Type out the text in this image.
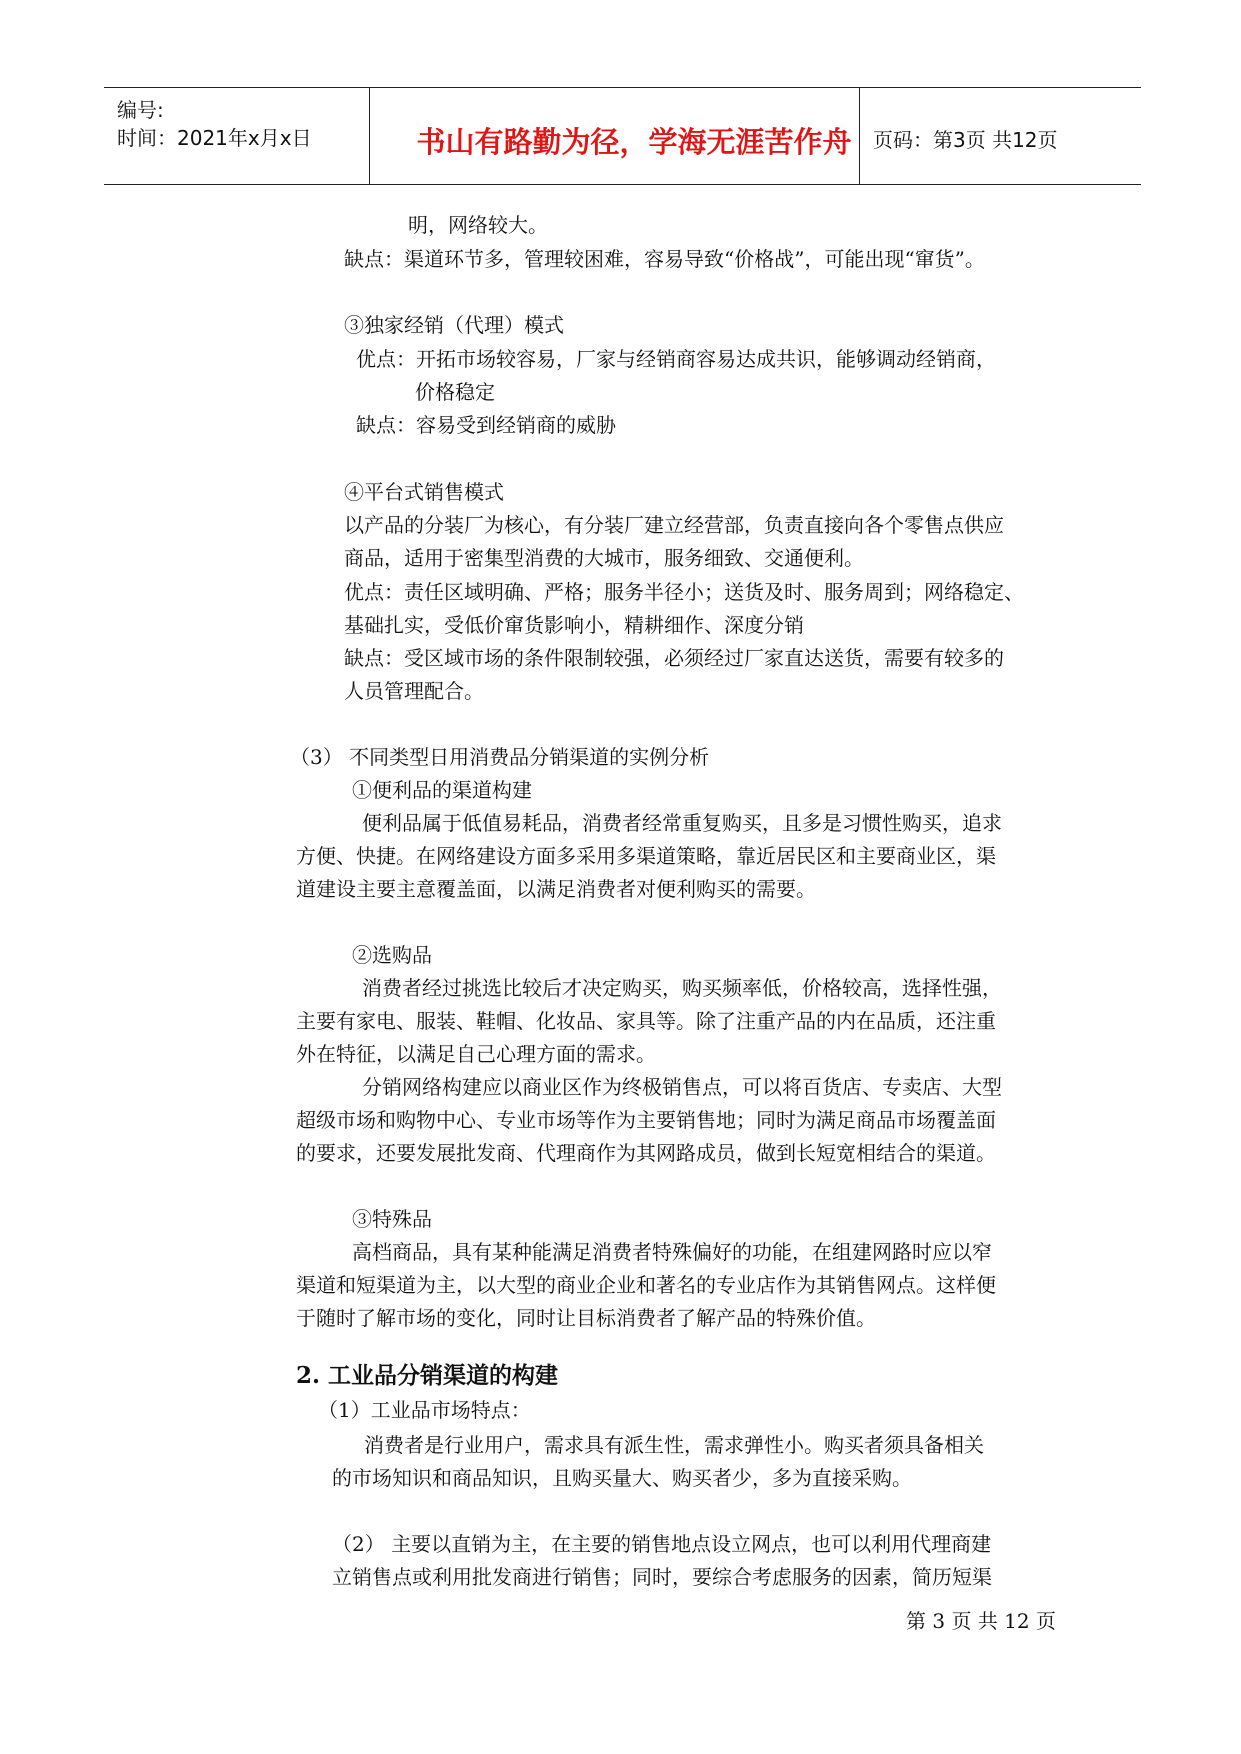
编号:
时间：2021年x月x日	书山有路勤为径，学海无涯苦作舟	页码：第3页 共12页
明，网络较大。
缺点：渠道环节多，管理较困难，容易导致“价格战”，可能出现“窜货”。
③独家经销（代理）模式
优点：开拓市场较容易，厂家与经销商容易达成共识，能够调动经销商，
价格稳定
缺点：容易受到经销商的威胁
④平台式销售模式
以产品的分装厂为核心，有分装厂建立经营部，负责直接向各个零售点供应
商品，适用于密集型消费的大城市，服务细致、交通便利。
优点：责任区域明确、严格；服务半径小；送货及时、服务周到；网络稳定、
基础扎实，受低价窜货影响小，精耕细作、深度分销
缺点：受区域市场的条件限制较强，必须经过厂家直达送货，需要有较多的
人员管理配合。
（3） 不同类型日用消费品分销渠道的实例分析
①便利品的渠道构建
便利品属于低值易耗品，消费者经常重复购买，且多是习惯性购买，追求
方便、快捷。在网络建设方面多采用多渠道策略，靠近居民区和主要商业区，渠
道建设主要主意覆盖面，以满足消费者对便利购买的需要。
②选购品
消费者经过挑选比较后才决定购买，购买频率低，价格较高，选择性强，
主要有家电、服装、鞋帽、化妆品、家具等。除了注重产品的内在品质，还注重
外在特征，以满足自己心理方面的需求。
分销网络构建应以商业区作为终极销售点，可以将百货店、专卖店、大型
超级市场和购物中心、专业市场等作为主要销售地；同时为满足商品市场覆盖面
的要求，还要发展批发商、代理商作为其网路成员，做到长短宽相结合的渠道。
③特殊品
高档商品，具有某种能满足消费者特殊偏好的功能，在组建网路时应以窄
渠道和短渠道为主，以大型的商业企业和著名的专业店作为其销售网点。这样便
于随时了解市场的变化，同时让目标消费者了解产品的特殊价值。
2. 工业品分销渠道的构建
（1）工业品市场特点：
消费者是行业用户，需求具有派生性，需求弹性小。购买者须具备相关
的市场知识和商品知识，且购买量大、购买者少，多为直接采购。
（2） 主要以直销为主，在主要的销售地点设立网点，也可以利用代理商建
立销售点或利用批发商进行销售；同时，要综合考虑服务的因素，简历短渠
第 3 页 共 12 页
